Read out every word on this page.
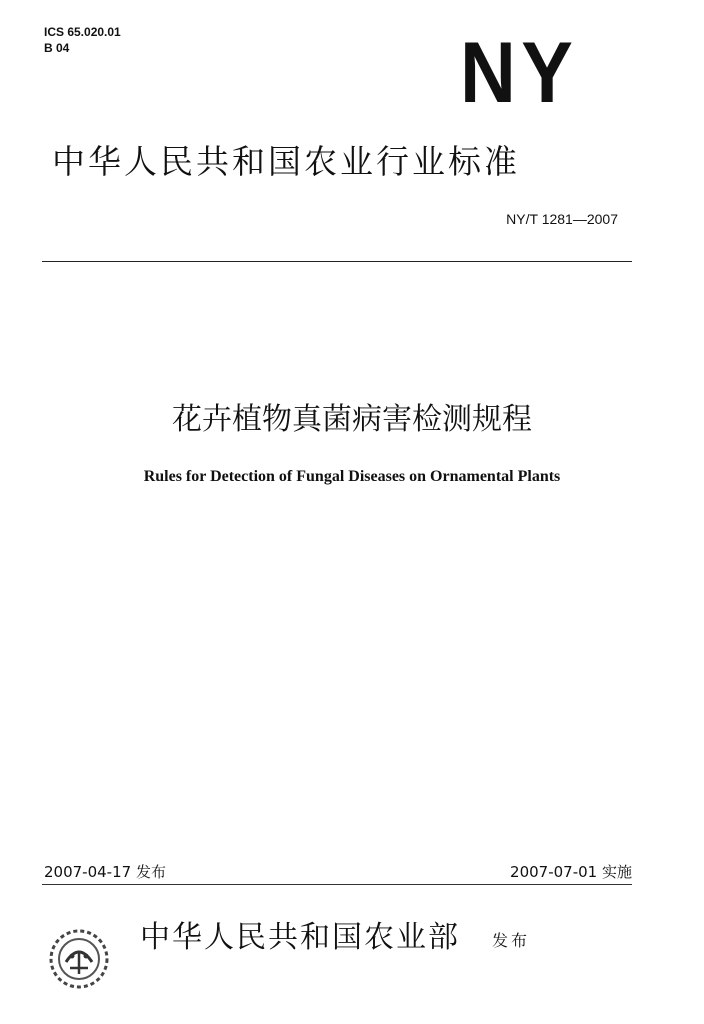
ICS 65.020.01
B 04	NY
中华人民共和国农业行业标准
NY/T 1281—2007
花卉植物真菌病害检测规程
Rules for Detection of Fungal Diseases on Ornamental Plants
2007-04-17 发布	2007-07-01 实施
中华人民共和国农业部 发布
